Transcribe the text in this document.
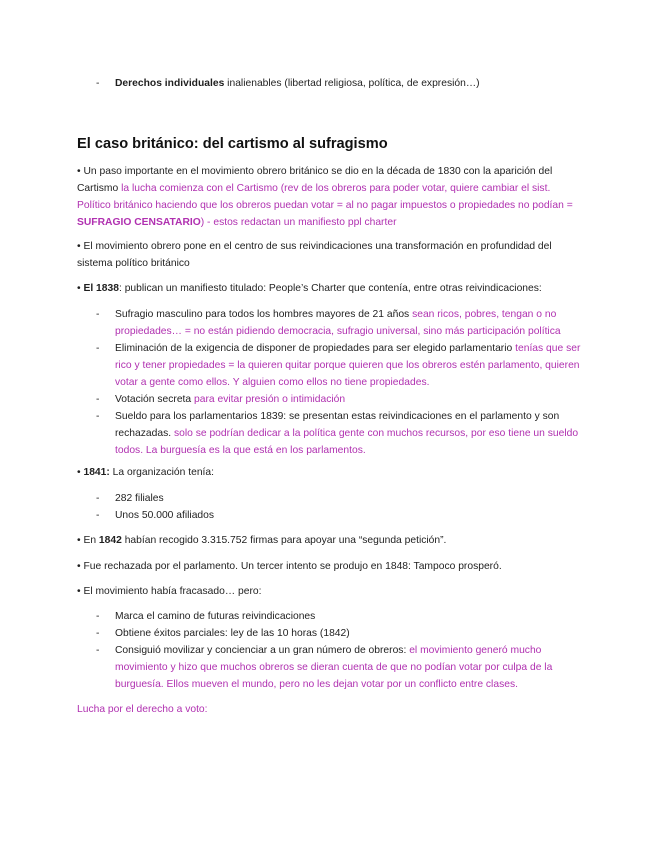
- Derechos individuales inalienables (libertad religiosa, política, de expresión…)
El caso británico: del cartismo al sufragismo
• Un paso importante en el movimiento obrero británico se dio en la década de 1830 con la aparición del Cartismo la lucha comienza con el Cartismo (rev de los obreros para poder votar, quiere cambiar el sist. Político británico haciendo que los obreros puedan votar = al no pagar impuestos o propiedades no podían = SUFRAGIO CENSATARIO) - estos redactan un manifiesto ppl charter
• El movimiento obrero pone en el centro de sus reivindicaciones una transformación en profundidad del sistema político británico
• El 1838: publican un manifiesto titulado: People’s Charter que contenía, entre otras reivindicaciones:
- Sufragio masculino para todos los hombres mayores de 21 años sean ricos, pobres, tengan o no propiedades… = no están pidiendo democracia, sufragio universal, sino más participación política
- Eliminación de la exigencia de disponer de propiedades para ser elegido parlamentario tenías que ser rico y tener propiedades = la quieren quitar porque quieren que los obreros estén parlamento, quieren votar a gente como ellos. Y alguien como ellos no tiene propiedades.
- Votación secreta para evitar presión o intimidación
- Sueldo para los parlamentarios 1839: se presentan estas reivindicaciones en el parlamento y son rechazadas. solo se podrían dedicar a la política gente con muchos recursos, por eso tiene un sueldo todos. La burguesía es la que está en los parlamentos.
• 1841: La organización tenía:
- 282 filiales
- Unos 50.000 afiliados
• En 1842 habían recogido 3.315.752 firmas para apoyar una “segunda petición”.
• Fue rechazada por el parlamento. Un tercer intento se produjo en 1848: Tampoco prosperó.
• El movimiento había fracasado… pero:
- Marca el camino de futuras reivindicaciones
- Obtiene éxitos parciales: ley de las 10 horas (1842)
- Consiguió movilizar y concienciar a un gran número de obreros: el movimiento generó mucho movimiento y hizo que muchos obreros se dieran cuenta de que no podían votar por culpa de la burguesía. Ellos mueven el mundo, pero no les dejan votar por un conflicto entre clases.
Lucha por el derecho a voto:
